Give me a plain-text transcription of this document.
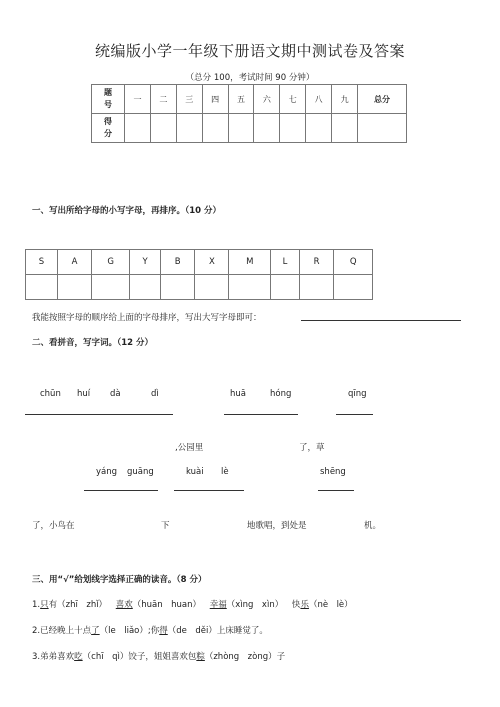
统编版小学一年级下册语文期中测试卷及答案
（总分 100，考试时间 90 分钟）
题号	一	二	三	四	五	六	七	八	九	总分
得分										
一、写出所给字母的小写字母，再排序。（10 分）
S	A	G	Y	B	X	M	L	R	Q

我能按照字母的顺序给上面的字母排序，写出大写字母即可：
二、看拼音，写字词。（12 分）
chūn huí dà	dì	huā	hóng	qīng
,公园里	了，草
yáng guāng	kuài lè	shēng
了，小鸟在	下	地歌唱，到处是	机。
三、用“√”给划线字选择正确的读音。（8 分）
1.只有（zhī　zhǐ） 喜欢（huān　huan） 幸福（xìng　xìn） 快乐（nè　lè）
2.已经晚上十点了（le　liǎo）;你得（de　děi）上床睡觉了。
3.弟弟喜欢吃（chī　qì）饺子，姐姐喜欢包粽（zhòng　zòng）子
